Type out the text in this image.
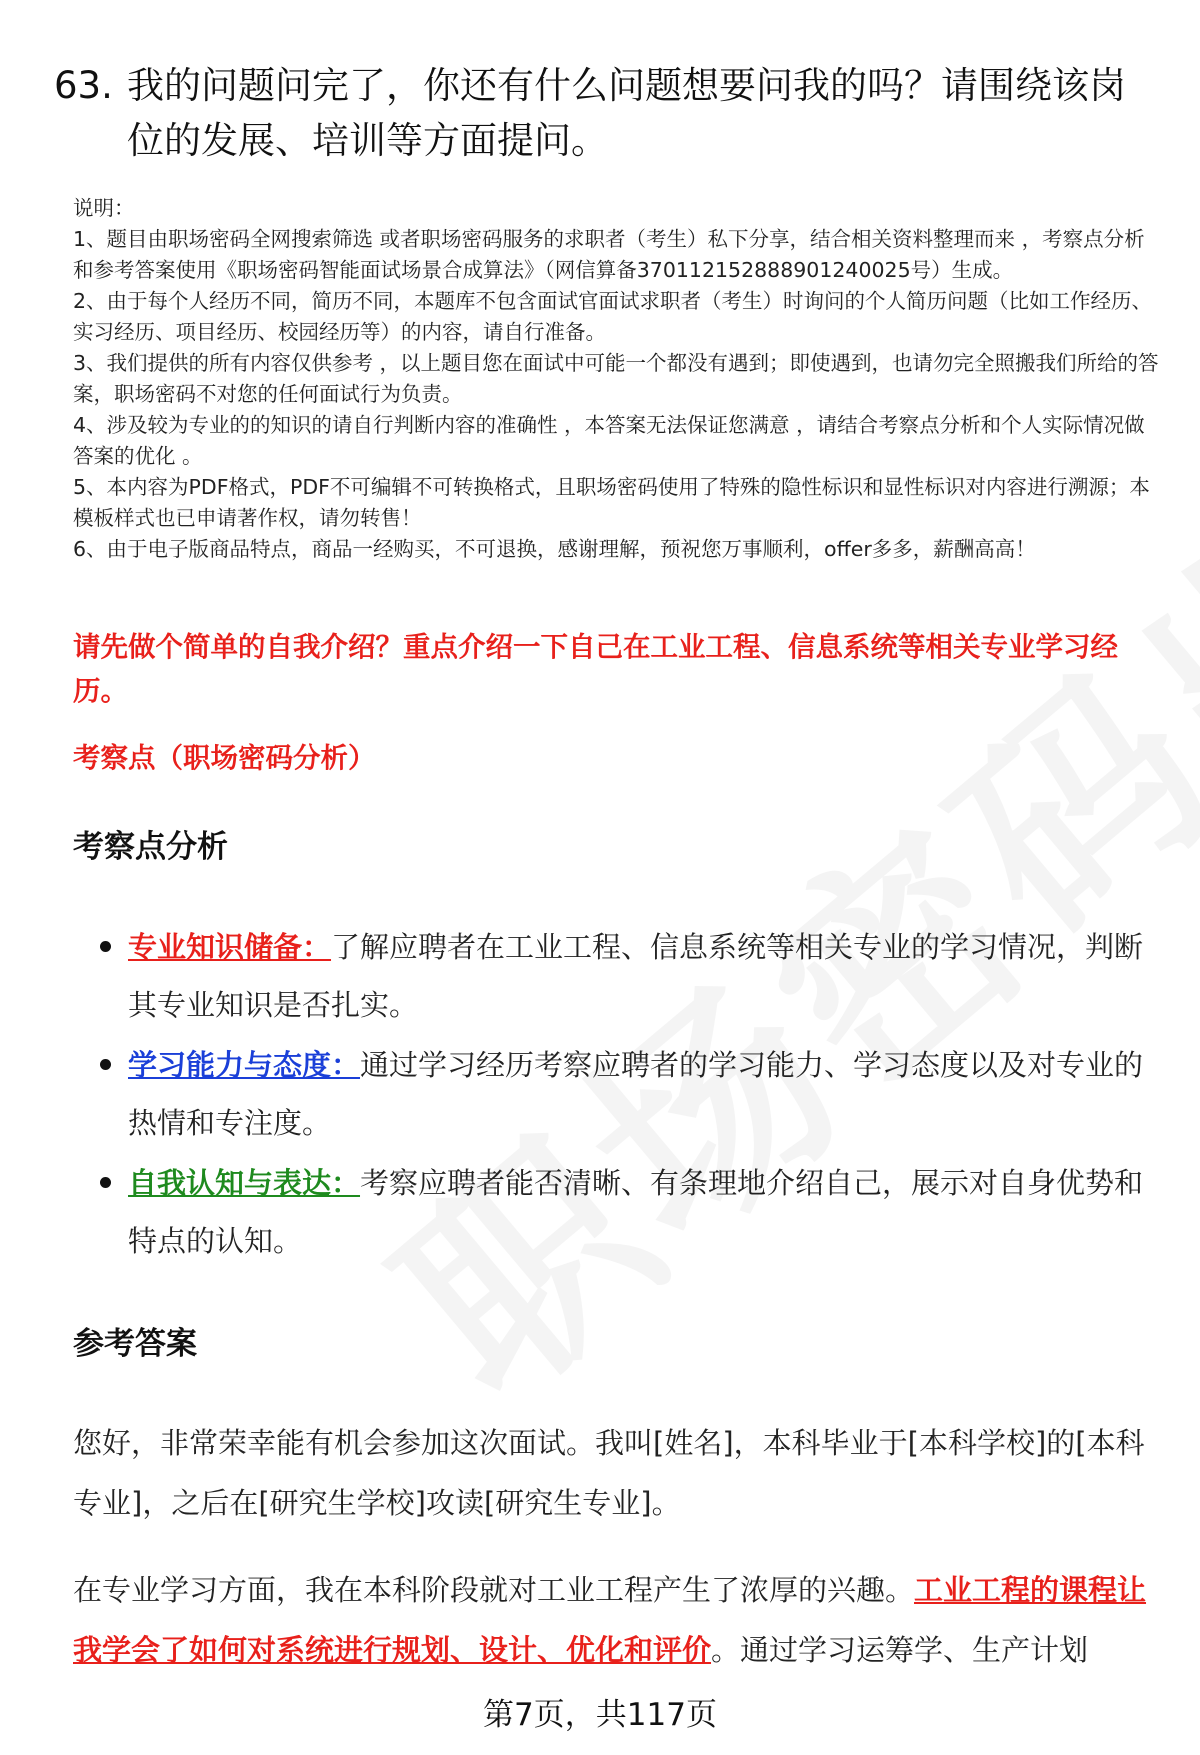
63. 我的问题问完了，你还有什么问题想要问我的吗？请围绕该岗位的发展、培训等方面提问。

说明：

1、题目由职场密码全网搜索筛选 或者职场密码服务的求职者（考生）私下分享，结合相关资料整理而来 ，考察点分析和参考答案使用《职场密码智能面试场景合成算法》（网信算备370112152888901240025号）生成。

2、由于每个人经历不同，简历不同，本题库不包含面试官面试求职者（考生）时询问的个人简历问题（比如工作经历、实习经历、项目经历、校园经历等）的内容，请自行准备。

3、我们提供的所有内容仅供参考 ，以上题目您在面试中可能一个都没有遇到；即使遇到，也请勿完全照搬我们所给的答案，职场密码不对您的任何面试行为负责。

4、涉及较为专业的的知识的请自行判断内容的准确性 ，本答案无法保证您满意 ，请结合考察点分析和个人实际情况做答案的优化 。

5、本内容为PDF格式，PDF不可编辑不可转换格式，且职场密码使用了特殊的隐性标识和显性标识对内容进行溯源；本模板样式也已申请著作权，请勿转售！

6、由于电子版商品特点，商品一经购买，不可退换，感谢理解，预祝您万事顺利，offer多多，薪酬高高！

请先做个简单的自我介绍？重点介绍一下自己在工业工程、信息系统等相关专业学习经历。
考察点（职场密码分析）
考察点分析
专业知识储备：了解应聘者在工业工程、信息系统等相关专业的学习情况，判断其专业知识是否扎实。
学习能力与态度：通过学习经历考察应聘者的学习能力、学习态度以及对专业的热情和专注度。
自我认知与表达：考察应聘者能否清晰、有条理地介绍自己，展示对自身优势和特点的认知。
参考答案
您好，非常荣幸能有机会参加这次面试。我叫[姓名]，本科毕业于[本科学校]的[本科专业]，之后在[研究生学校]攻读[研究生专业]。
在专业学习方面，我在本科阶段就对工业工程产生了浓厚的兴趣。工业工程的课程让我学会了如何对系统进行规划、设计、优化和评价。通过学习运筹学、生产计划
第7页，共117页
